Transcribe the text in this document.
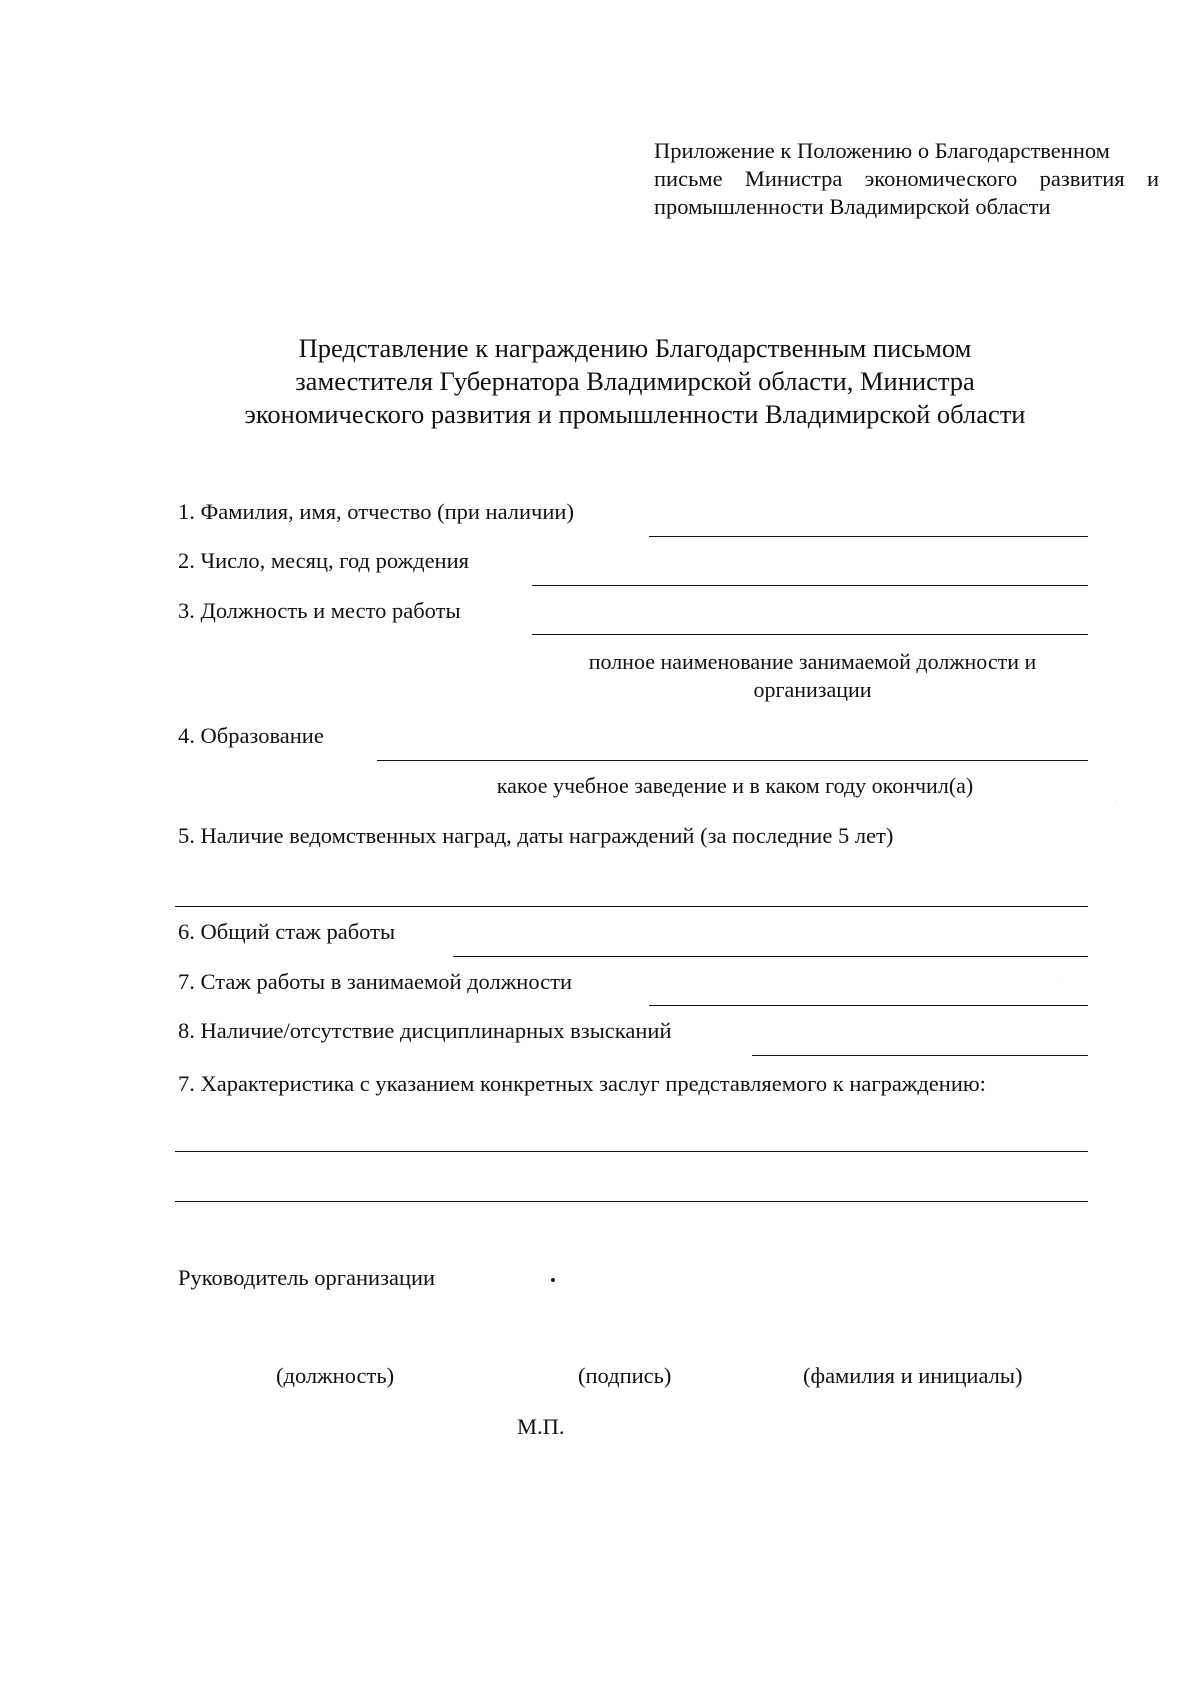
Приложение к Положению о Благодарственном
письме Министра экономического развития и
промышленности Владимирской области
Представление к награждению Благодарственным письмом
заместителя Губернатора Владимирской области, Министра
экономического развития и промышленности Владимирской области
1. Фамилия, имя, отчество (при наличии)
2. Число, месяц, год рождения
3. Должность и место работы
полное наименование занимаемой должности и
организации
4. Образование
какое учебное заведение и в каком году окончил(а)
5. Наличие ведомственных наград, даты награждений (за последние 5 лет)
6. Общий стаж работы
7. Стаж работы в занимаемой должности
8. Наличие/отсутствие дисциплинарных взысканий
7. Характеристика с указанием конкретных заслуг представляемого к награждению:
Руководитель организации
(должность)	(подпись)	(фамилия и инициалы)
М.П.
